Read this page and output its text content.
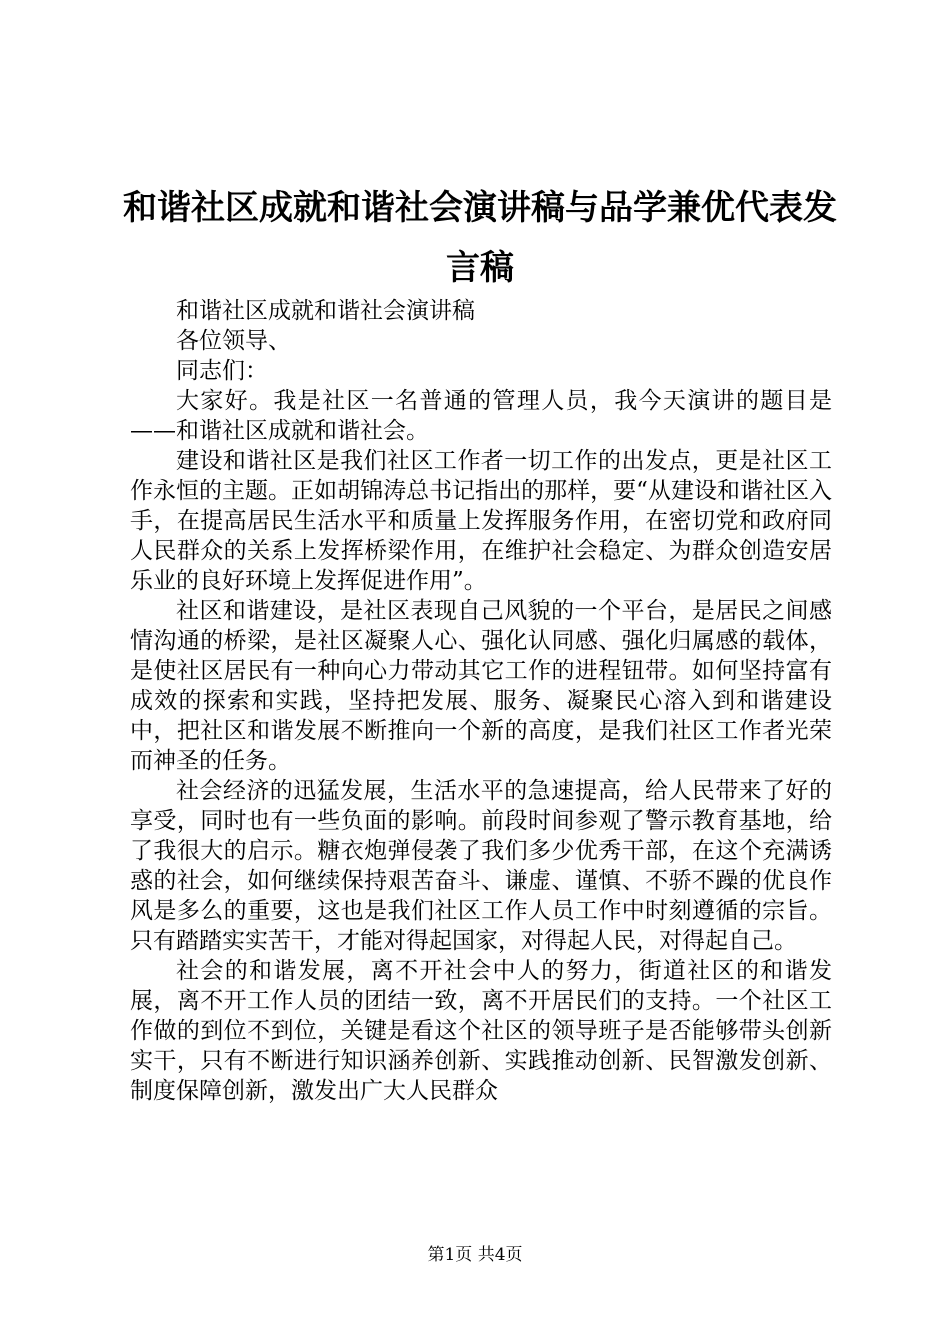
和谐社区成就和谐社会演讲稿与品学兼优代表发言稿

和谐社区成就和谐社会演讲稿

各位领导、

同志们：

大家好。我是社区一名普通的管理人员，我今天演讲的题目是——和谐社区成就和谐社会。

建设和谐社区是我们社区工作者一切工作的出发点，更是社区工作永恒的主题。正如胡锦涛总书记指出的那样，要“从建设和谐社区入手，在提高居民生活水平和质量上发挥服务作用，在密切党和政府同人民群众的关系上发挥桥梁作用，在维护社会稳定、为群众创造安居乐业的良好环境上发挥促进作用”。

社区和谐建设，是社区表现自己风貌的一个平台，是居民之间感情沟通的桥梁，是社区凝聚人心、强化认同感、强化归属感的载体，是使社区居民有一种向心力带动其它工作的进程钮带。如何坚持富有成效的探索和实践，坚持把发展、服务、凝聚民心溶入到和谐建设中，把社区和谐发展不断推向一个新的高度，是我们社区工作者光荣而神圣的任务。

社会经济的迅猛发展，生活水平的急速提高，给人民带来了好的享受，同时也有一些负面的影响。前段时间参观了警示教育基地，给了我很大的启示。糖衣炮弹侵袭了我们多少优秀干部，在这个充满诱惑的社会，如何继续保持艰苦奋斗、谦虚、谨慎、不骄不躁的优良作风是多么的重要，这也是我们社区工作人员工作中时刻遵循的宗旨。只有踏踏实实苦干，才能对得起国家，对得起人民，对得起自己。

社会的和谐发展，离不开社会中人的努力，街道社区的和谐发展，离不开工作人员的团结一致，离不开居民们的支持。一个社区工作做的到位不到位，关键是看这个社区的领导班子是否能够带头创新实干，只有不断进行知识涵养创新、实践推动创新、民智激发创新、制度保障创新，激发出广大人民群众

第1页 共4页
